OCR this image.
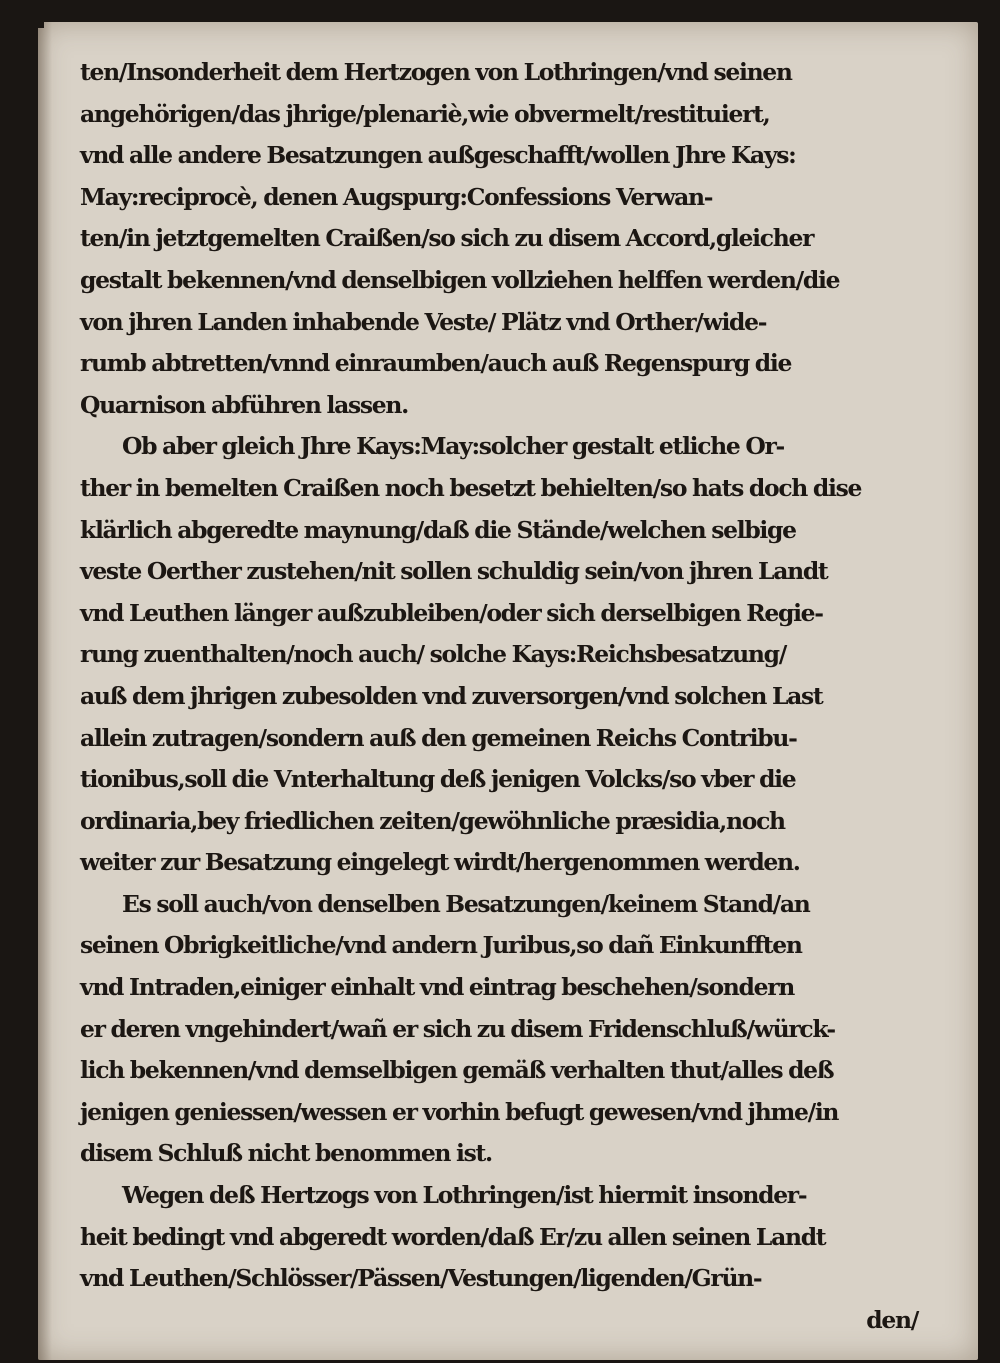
ten/Insonderheit dem Hertzogen von Lothringen/vnd seinen
angehörigen/das jhrige/plenariè,wie obvermelt/restituiert,
vnd alle andere Besatzungen außgeschafft/wollen Jhre Kays:
May:reciprocè, denen Augspurg:Confessions Verwan-
ten/in jetztgemelten Craißen/so sich zu disem Accord,gleicher
gestalt bekennen/vnd denselbigen vollziehen helffen werden/die
von jhren Landen inhabende Veste/ Plätz vnd Orther/wide-
rumb abtretten/vnnd einraumben/auch auß Regenspurg die
Quarnison abführen lassen.
Ob aber gleich Jhre Kays:May:solcher gestalt etliche Or-
ther in bemelten Craißen noch besetzt behielten/so hats doch dise
klärlich abgeredte maynung/daß die Stände/welchen selbige
veste Oerther zustehen/nit sollen schuldig sein/von jhren Landt
vnd Leuthen länger außzubleiben/oder sich derselbigen Regie-
rung zuenthalten/noch auch/ solche Kays:Reichsbesatzung/
auß dem jhrigen zubesolden vnd zuversorgen/vnd solchen Last
allein zutragen/sondern auß den gemeinen Reichs Contribu-
tionibus,soll die Vnterhaltung deß jenigen Volcks/so vber die
ordinaria,bey friedlichen zeiten/gewöhnliche præsidia,noch
weiter zur Besatzung eingelegt wirdt/hergenommen werden.
Es soll auch/von denselben Besatzungen/keinem Stand/an
seinen Obrigkeitliche/vnd andern Juribus,so dañ Einkunfften
vnd Intraden,einiger einhalt vnd eintrag beschehen/sondern
er deren vngehindert/wañ er sich zu disem Fridenschluß/würck-
lich bekennen/vnd demselbigen gemäß verhalten thut/alles deß
jenigen geniessen/wessen er vorhin befugt gewesen/vnd jhme/in
disem Schluß nicht benommen ist.
Wegen deß Hertzogs von Lothringen/ist hiermit insonder-
heit bedingt vnd abgeredt worden/daß Er/zu allen seinen Landt
vnd Leuthen/Schlösser/Pässen/Vestungen/ligenden/Grün-
den/
